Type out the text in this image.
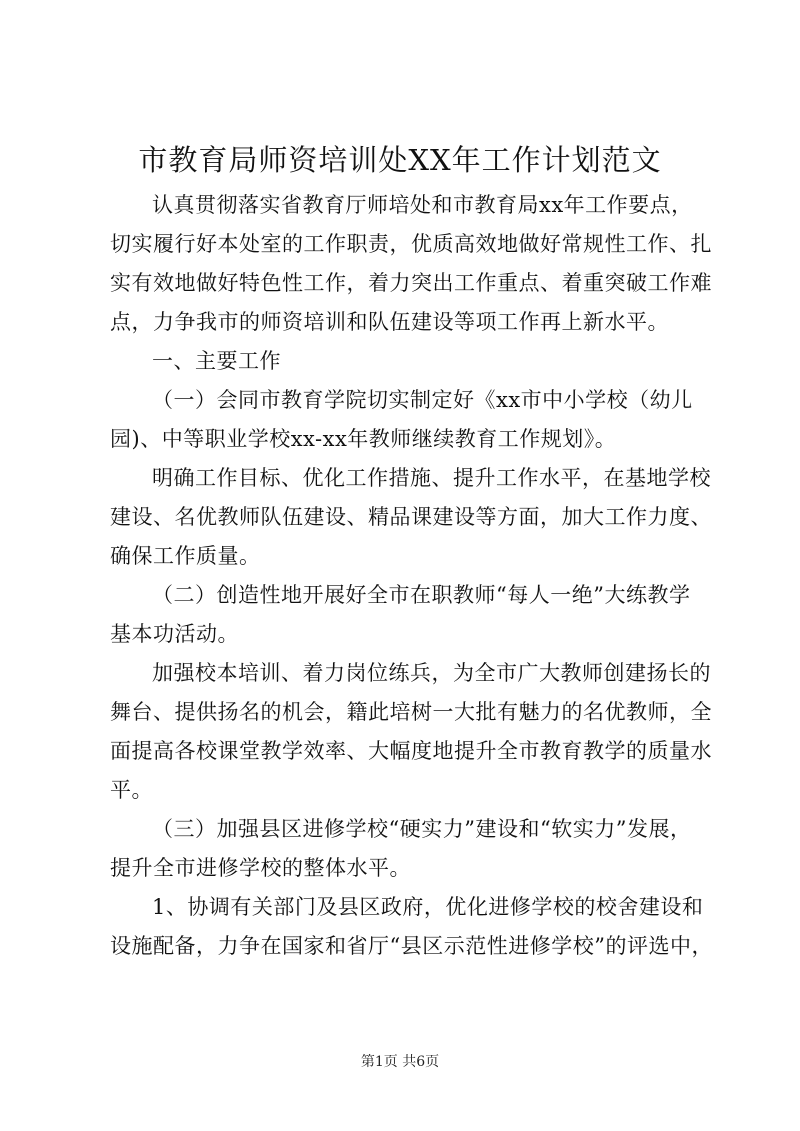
市教育局师资培训处XX年工作计划范文
认真贯彻落实省教育厅师培处和市教育局xx年工作要点，
切实履行好本处室的工作职责，优质高效地做好常规性工作、扎
实有效地做好特色性工作，着力突出工作重点、着重突破工作难
点，力争我市的师资培训和队伍建设等项工作再上新水平。
一、主要工作
（一）会同市教育学院切实制定好《xx市中小学校（幼儿
园)、中等职业学校xx-xx年教师继续教育工作规划》。
明确工作目标、优化工作措施、提升工作水平，在基地学校
建设、名优教师队伍建设、精品课建设等方面，加大工作力度、
确保工作质量。
（二）创造性地开展好全市在职教师“每人一绝”大练教学
基本功活动。
加强校本培训、着力岗位练兵，为全市广大教师创建扬长的
舞台、提供扬名的机会，籍此培树一大批有魅力的名优教师，全
面提高各校课堂教学效率、大幅度地提升全市教育教学的质量水
平。
（三）加强县区进修学校“硬实力”建设和“软实力”发展，
提升全市进修学校的整体水平。
1、协调有关部门及县区政府，优化进修学校的校舍建设和
设施配备，力争在国家和省厅“县区示范性进修学校”的评选中，
第1页 共6页
